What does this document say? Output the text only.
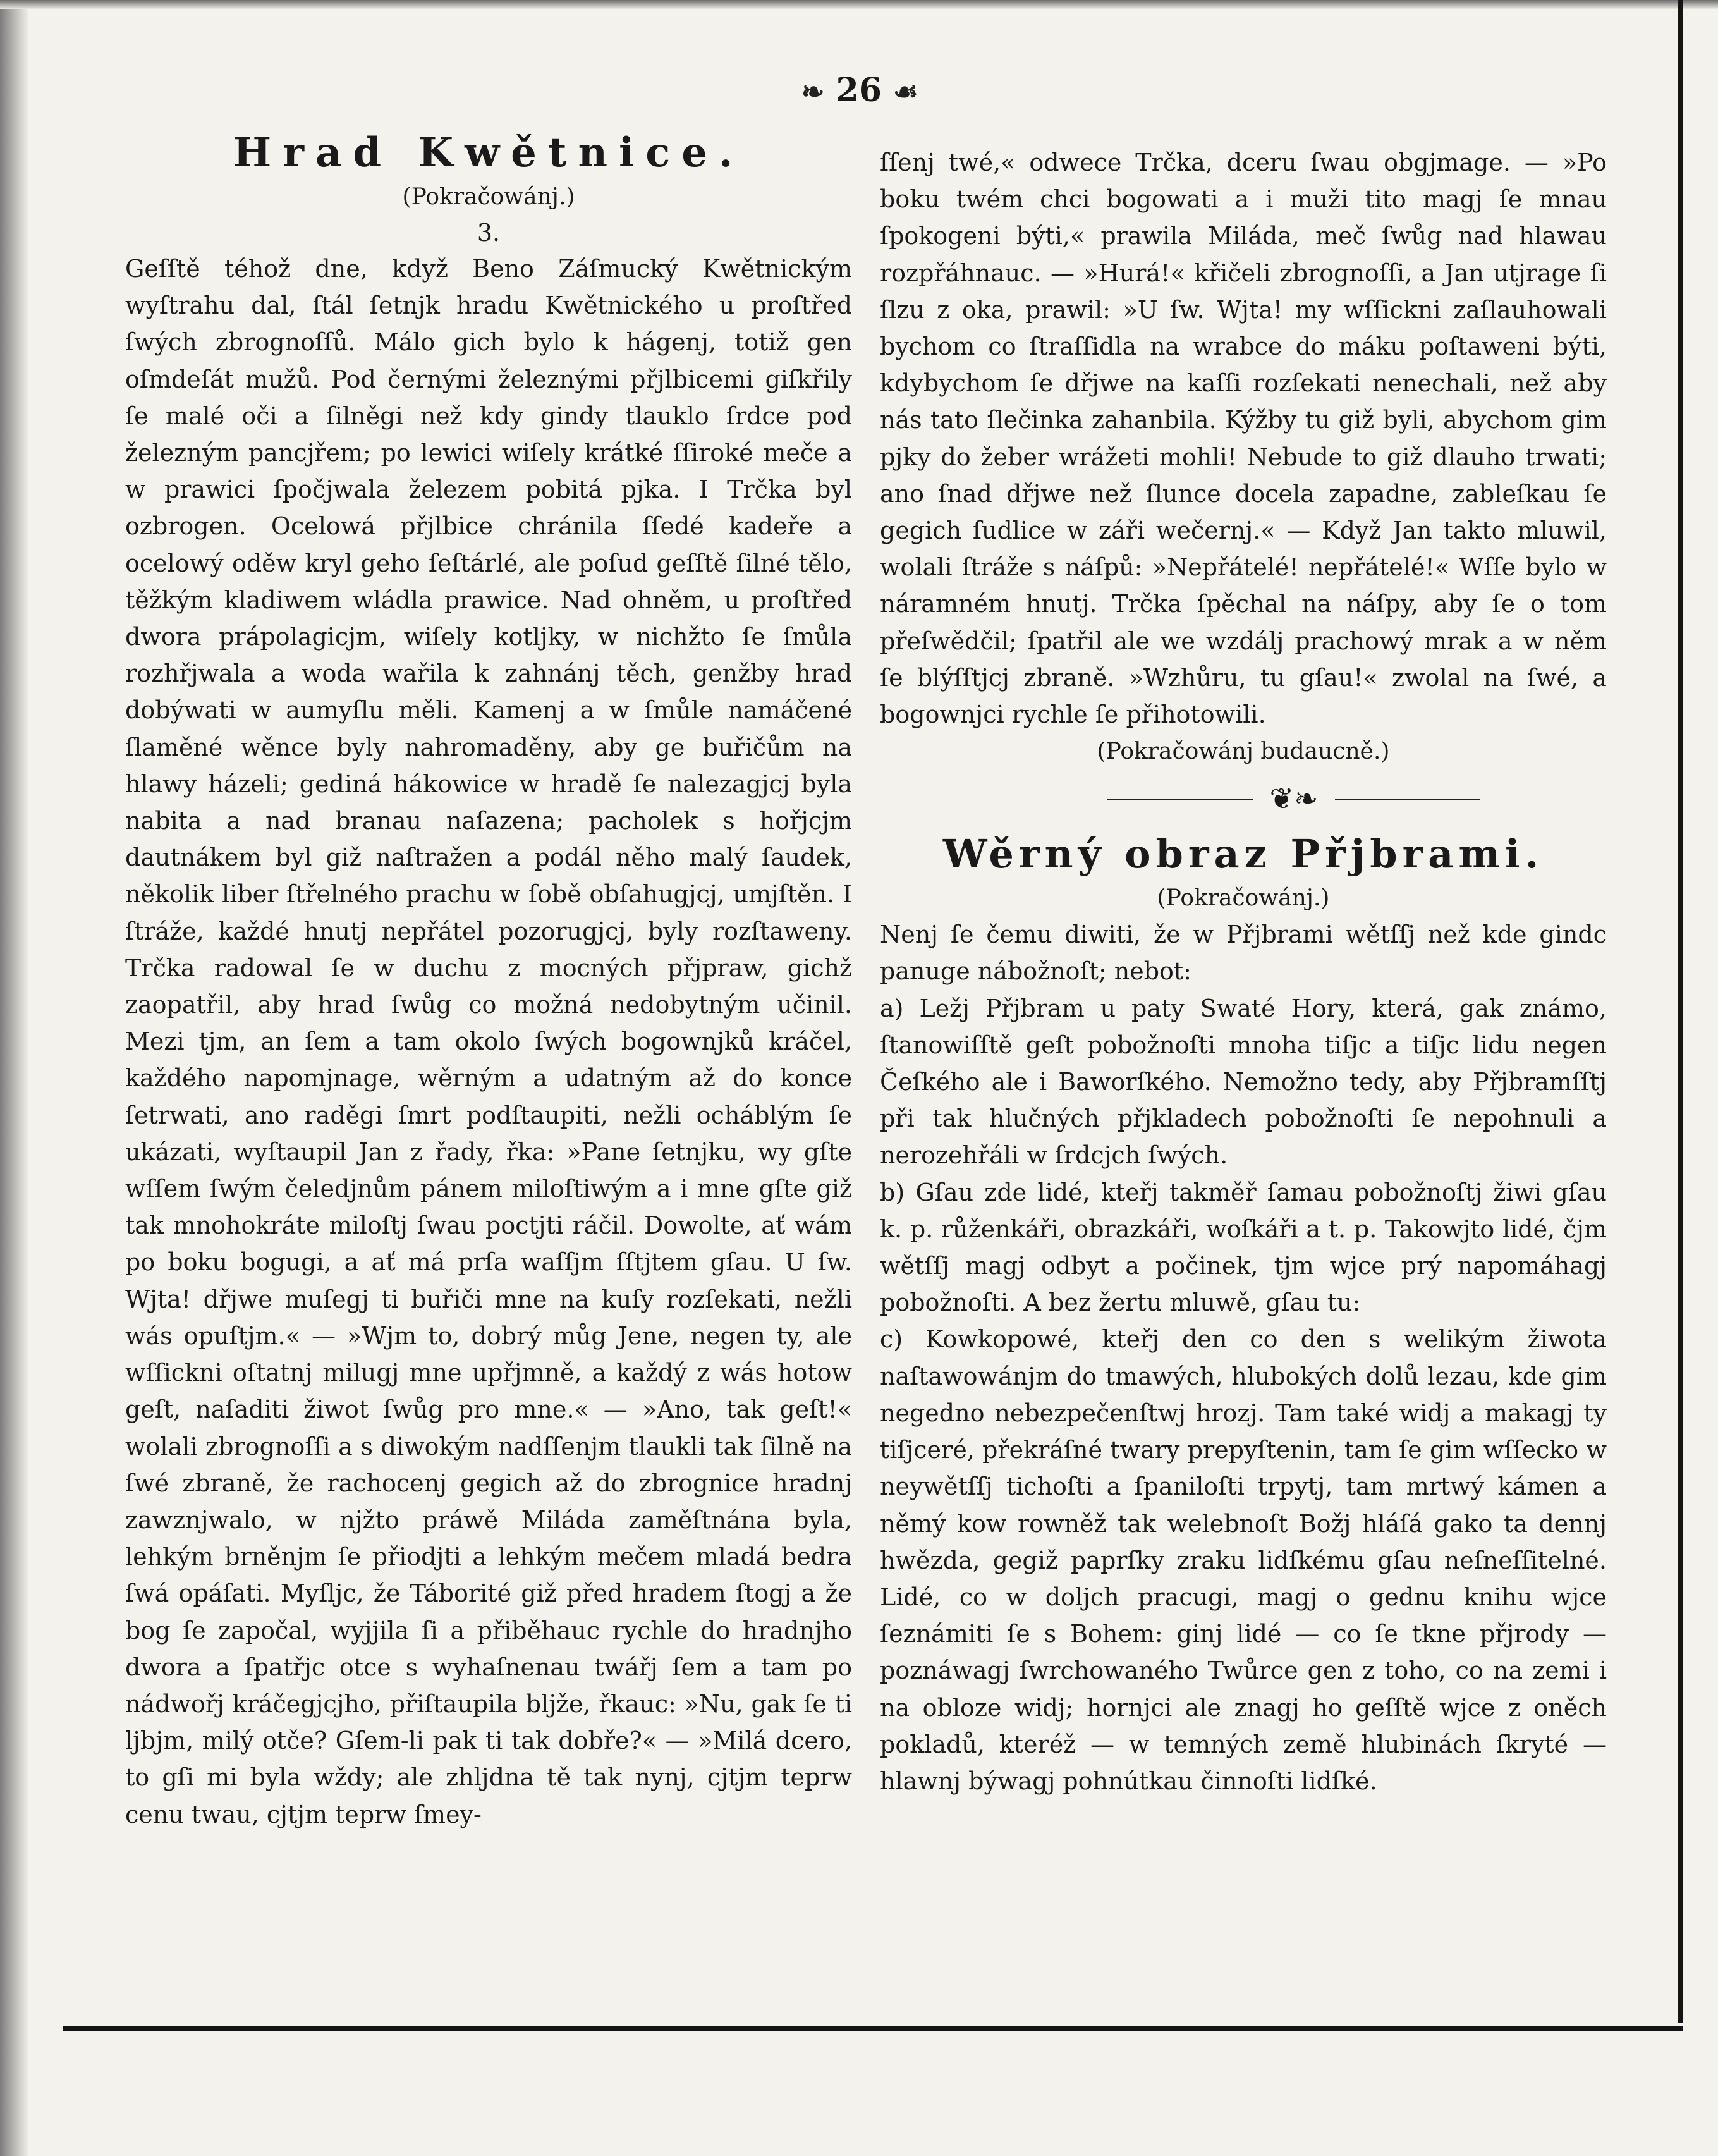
❧ 26 ☙
Hrad Kwětnice.

(Pokračowánj.)

3.

Geſſtě téhož dne, když Beno Záſmucký Kwětnickým wyſtrahu dal, ſtál ſetnjk hradu Kwětnického u proſtřed ſwých zbrognoſſů. Málo gich bylo k hágenj, totiž gen oſmdeſát mužů. Pod černými železnými přjlbicemi giſkřily ſe malé oči a ſilněgi než kdy gindy tlauklo ſrdce pod železným pancjřem; po lewici wiſely krátké ſſiroké meče a w prawici ſpočjwala železem pobitá pjka. I Trčka byl ozbrogen. Ocelowá přjlbice chránila ſſedé kadeře a ocelowý oděw kryl geho ſeſtárlé, ale poſud geſſtě ſilné tělo, těžkým kladiwem wládla prawice. Nad ohněm, u proſtřed dwora prápolagicjm, wiſely kotljky, w nichžto ſe ſmůla rozhřjwala a woda wařila k zahnánj těch, genžby hrad dobýwati w aumyſlu měli. Kamenj a w ſmůle namáčené ſlaměné wěnce byly nahromaděny, aby ge buřičům na hlawy házeli; gediná hákowice w hradě ſe nalezagjcj byla nabita a nad branau naſazena; pacholek s hořjcjm dautnákem byl giž naſtražen a podál něho malý ſaudek, několik liber ſtřelného prachu w ſobě obſahugjcj, umjſtěn. I ſtráže, každé hnutj nepřátel pozorugjcj, byly rozſtaweny. Trčka radowal ſe w duchu z mocných přjpraw, gichž zaopatřil, aby hrad ſwůg co možná nedobytným učinil. Mezi tjm, an ſem a tam okolo ſwých bogownjků kráčel, každého napomjnage, wěrným a udatným až do konce ſetrwati, ano raděgi ſmrt podſtaupiti, nežli ocháblým ſe ukázati, wyſtaupil Jan z řady, řka: »Pane ſetnjku, wy gſte wſſem ſwým čeledjnům pánem miloſtiwým a i mne gſte giž tak mnohokráte miloſtj ſwau poctjti ráčil. Dowolte, ať wám po boku bogugi, a ať má prſa waſſjm ſſtjtem gſau. U ſw. Wjta! dřjwe muſegj ti buřiči mne na kuſy rozſekati, nežli wás opuſtjm.« — »Wjm to, dobrý můg Jene, negen ty, ale wſſickni oſtatnj milugj mne upřjmně, a každý z wás hotow geſt, naſaditi žiwot ſwůg pro mne.« — »Ano, tak geſt!« wolali zbrognoſſi a s diwokým nadſſenjm tlaukli tak ſilně na ſwé zbraně, že rachocenj gegich až do zbrognice hradnj zawznjwalo, w njžto práwě Miláda zaměſtnána byla, lehkým brněnjm ſe přiodjti a lehkým mečem mladá bedra ſwá opáſati. Myſljc, že Táborité giž před hradem ſtogj a že bog ſe započal, wyjjila ſi a přiběhauc rychle do hradnjho dwora a ſpatřjc otce s wyhaſnenau twářj ſem a tam po nádwořj kráčegjcjho, přiſtaupila bljže, řkauc: »Nu, gak ſe ti lјbjm, milý otče? Gſem-li pak ti tak dobře?« — »Milá dcero, to gſi mi byla wždy; ale zhljdna tě tak nynj, cjtjm teprw cenu twau, cjtjm teprw ſmey-

ſſenj twé,« odwece Trčka, dceru ſwau obgjmage. — »Po boku twém chci bogowati a i muži tito magj ſe mnau ſpokogeni býti,« prawila Miláda, meč ſwůg nad hlawau rozpřáhnauc. — »Hurá!« křičeli zbrognoſſi, a Jan utjrage ſi ſlzu z oka, prawil: »U ſw. Wjta! my wſſickni zaſlauhowali bychom co ſtraſſidla na wrabce do máku poſtaweni býti, kdybychom ſe dřjwe na kaſſi rozſekati nenechali, než aby nás tato ſlečinka zahanbila. Kýžby tu giž byli, abychom gim pjky do žeber wrážeti mohli! Nebude to giž dlauho trwati; ano ſnad dřjwe než ſlunce docela zapadne, zableſkau ſe gegich ſudlice w záři wečernj.« — Když Jan takto mluwil, wolali ſtráže s náſpů: »Nepřátelé! nepřátelé!« Wſſe bylo w náramném hnutj. Trčka ſpěchal na náſpy, aby ſe o tom přeſwědčil; ſpatřil ale we wzdálj prachowý mrak a w něm ſe blýſſtjcj zbraně. »Wzhůru, tu gſau!« zwolal na ſwé, a bogownjci rychle ſe přihotowili.

(Pokračowánj budaucně.)

❦❧
Wěrný obraz Přjbrami.

(Pokračowánj.)

Nenj ſe čemu diwiti, že w Přjbrami wětſſj než kde gindc panuge nábožnoſt; nebot:

a) Ležj Přjbram u paty Swaté Hory, která, gak známo, ſtanowiſſtě geſt pobožnoſti mnoha tiſjc a tiſjc lidu negen Čeſkého ale i Baworſkého. Nemožno tedy, aby Přjbramſſtj při tak hlučných přjkladech pobožnoſti ſe nepohnuli a nerozehřáli w ſrdcjch ſwých.

b) Gſau zde lidé, kteřj takměř ſamau pobožnoſtj žiwi gſau k. p. růženkáři, obrazkáři, woſkáři a t. p. Takowjto lidé, čjm wětſſj magj odbyt a počinek, tjm wjce prý napomáhagj pobožnoſti. A bez žertu mluwě, gſau tu:

c) Kowkopowé, kteřj den co den s welikým žiwota naſtawowánjm do tmawých, hlubokých dolů lezau, kde gim negedno nebezpečenſtwj hrozj. Tam také widj a makagj ty tiſjceré, překráſné twary prepyſtenin, tam ſe gim wſſecko w neywětſſj tichoſti a ſpaniloſti trpytj, tam mrtwý kámen a němý kow rowněž tak welebnoſt Božj hláſá gako ta dennj hwězda, gegiž paprſky zraku lidſkému gſau neſneſſitelné. Lidé, co w dolјch pracugi, magj o gednu knihu wjce ſeznámiti ſe s Bohem: ginj lidé — co ſe tkne přjrody — poznáwagj ſwrchowaného Twůrce gen z toho, co na zemi i na obloze widj; hornjci ale znagj ho geſſtě wjce z oněch pokladů, kteréž — w temných země hlubinách ſkryté — hlawnj býwagj pohnútkau činnoſti lidſké.
